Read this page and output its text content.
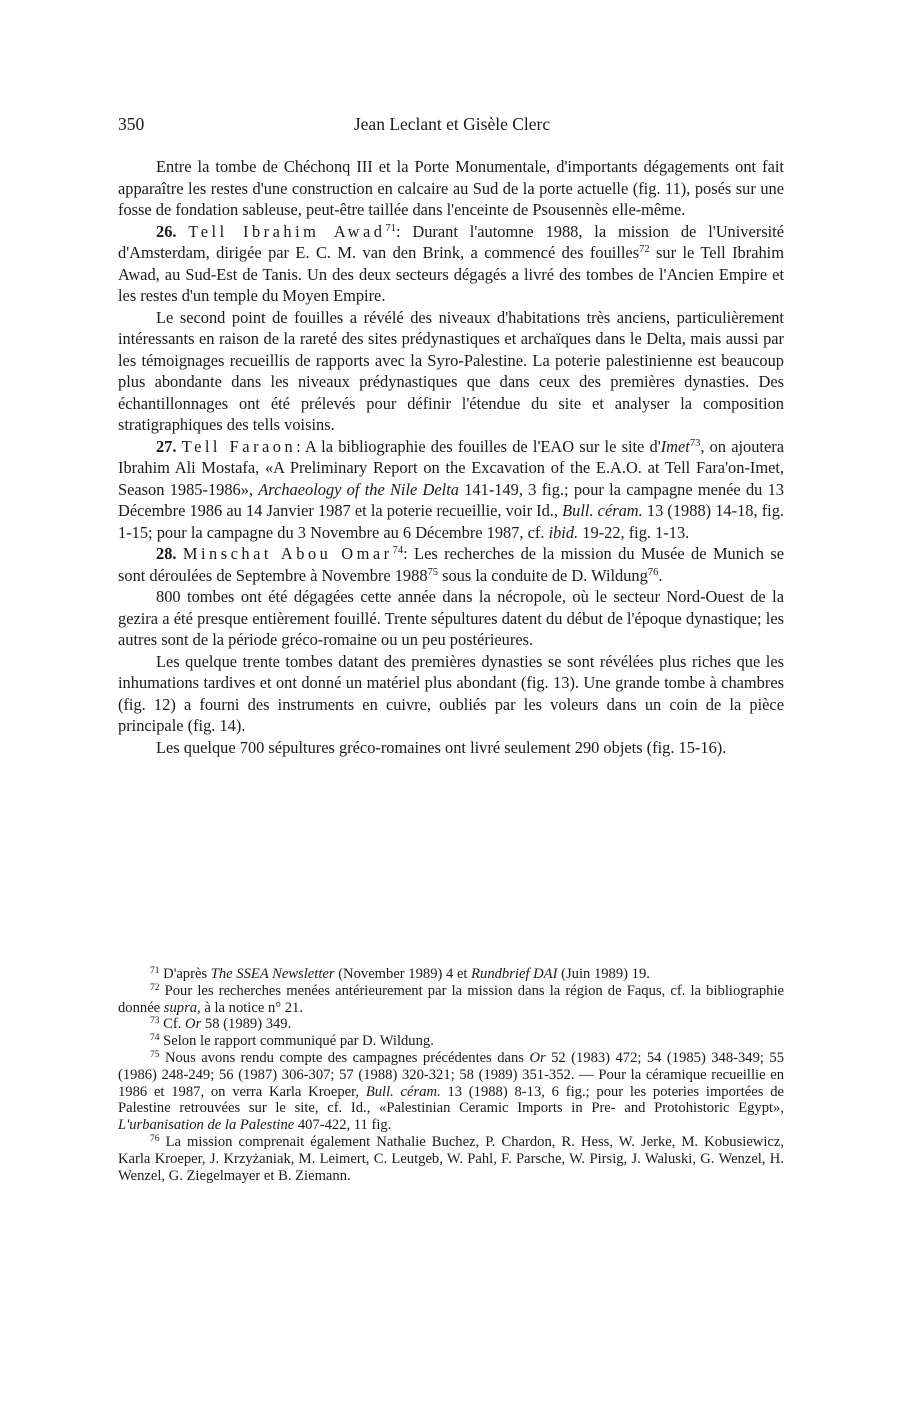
350	Jean Leclant et Gisèle Clerc

Entre la tombe de Chéchonq III et la Porte Monumentale, d'importants dégagements ont fait apparaître les restes d'une construction en calcaire au Sud de la porte actuelle (fig. 11), posés sur une fosse de fondation sableuse, peut-être taillée dans l'enceinte de Psousennès elle-même.

26. Tell Ibrahim Awad$^{71}$: Durant l'automne 1988, la mission de l'Université d'Amsterdam, dirigée par E. C. M. van den Brink, a commencé des fouilles$^{72}$ sur le Tell Ibrahim Awad, au Sud-Est de Tanis. Un des deux secteurs dégagés a livré des tombes de l'Ancien Empire et les restes d'un temple du Moyen Empire.

Le second point de fouilles a révélé des niveaux d'habitations très anciens, particulièrement intéressants en raison de la rareté des sites prédynastiques et archaïques dans le Delta, mais aussi par les témoignages recueillis de rapports avec la Syro-Palestine. La poterie palestinienne est beaucoup plus abondante dans les niveaux prédynastiques que dans ceux des premières dynasties. Des échantillonnages ont été prélevés pour définir l'étendue du site et analyser la composition stratigraphiques des tells voisins.

27. Tell Faraon: A la bibliographie des fouilles de l'EAO sur le site d'Imet$^{73}$, on ajoutera Ibrahim Ali Mostafa, «A Preliminary Report on the Excavation of the E.A.O. at Tell Fara'on-Imet, Season 1985-1986», Archaeology of the Nile Delta 141-149, 3 fig.; pour la campagne menée du 13 Décembre 1986 au 14 Janvier 1987 et la poterie recueillie, voir Id., Bull. céram. 13 (1988) 14-18, fig. 1-15; pour la campagne du 3 Novembre au 6 Décembre 1987, cf. ibid. 19-22, fig. 1-13.

28. Minschat Abou Omar$^{74}$: Les recherches de la mission du Musée de Munich se sont déroulées de Septembre à Novembre 1988$^{75}$ sous la conduite de D. Wildung$^{76}$.

800 tombes ont été dégagées cette année dans la nécropole, où le secteur Nord-Ouest de la gezira a été presque entièrement fouillé. Trente sépultures datent du début de l'époque dynastique; les autres sont de la période gréco-romaine ou un peu postérieures.

Les quelque trente tombes datant des premières dynasties se sont révélées plus riches que les inhumations tardives et ont donné un matériel plus abondant (fig. 13). Une grande tombe à chambres (fig. 12) a fourni des instruments en cuivre, oubliés par les voleurs dans un coin de la pièce principale (fig. 14).

Les quelque 700 sépultures gréco-romaines ont livré seulement 290 objets (fig. 15-16).

$^{71}$ D'après The SSEA Newsletter (November 1989) 4 et Rundbrief DAI (Juin 1989) 19.

$^{72}$ Pour les recherches menées antérieurement par la mission dans la région de Faqus, cf. la bibliographie donnée supra, à la notice n° 21.

$^{73}$ Cf. Or 58 (1989) 349.

$^{74}$ Selon le rapport communiqué par D. Wildung.

$^{75}$ Nous avons rendu compte des campagnes précédentes dans Or 52 (1983) 472; 54 (1985) 348-349; 55 (1986) 248-249; 56 (1987) 306-307; 57 (1988) 320-321; 58 (1989) 351-352. — Pour la céramique recueillie en 1986 et 1987, on verra Karla Kroeper, Bull. céram. 13 (1988) 8-13, 6 fig.; pour les poteries importées de Palestine retrouvées sur le site, cf. Id., «Palestinian Ceramic Imports in Pre- and Protohistoric Egypt», L'urbanisation de la Palestine 407-422, 11 fig.

$^{76}$ La mission comprenait également Nathalie Buchez, P. Chardon, R. Hess, W. Jerke, M. Kobusiewicz, Karla Kroeper, J. Krzyżaniak, M. Leimert, C. Leutgeb, W. Pahl, F. Parsche, W. Pirsig, J. Waluski, G. Wenzel, H. Wenzel, G. Ziegelmayer et B. Ziemann.
